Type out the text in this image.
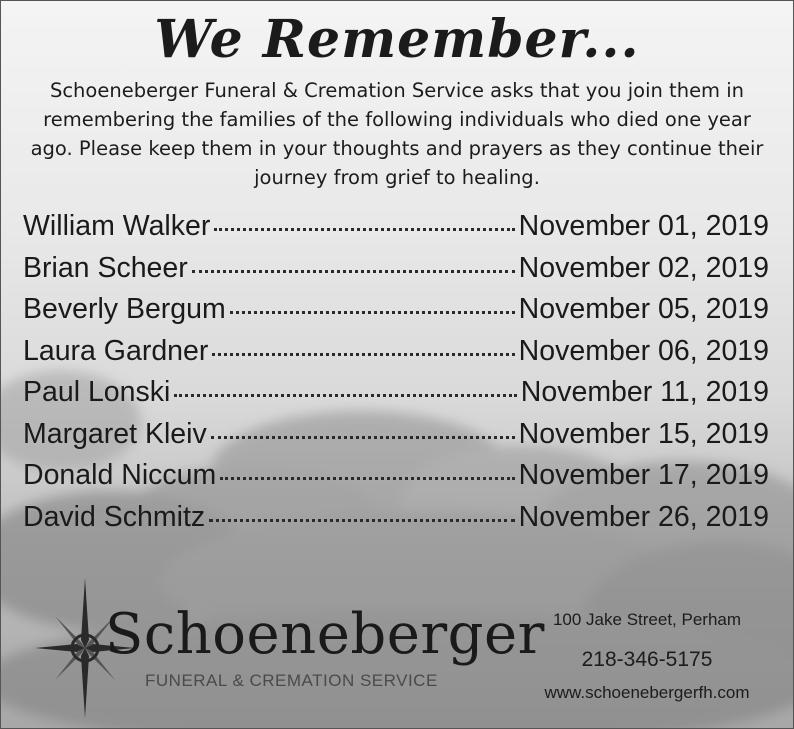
We Remember...

Schoeneberger Funeral & Cremation Service asks that you join them in remembering the families of the following individuals who died one year ago. Please keep them in your thoughts and prayers as they continue their journey from grief to healing.

William Walker	November 01, 2019
Brian Scheer	November 02, 2019
Beverly Bergum	November 05, 2019
Laura Gardner	November 06, 2019
Paul Lonski	November 11, 2019
Margaret Kleiv	November 15, 2019
Donald Niccum	November 17, 2019
David Schmitz	November 26, 2019
Schoeneberger
FUNERAL & CREMATION SERVICE
100 Jake Street, Perham
218-346-5175
www.schoenebergerfh.com
